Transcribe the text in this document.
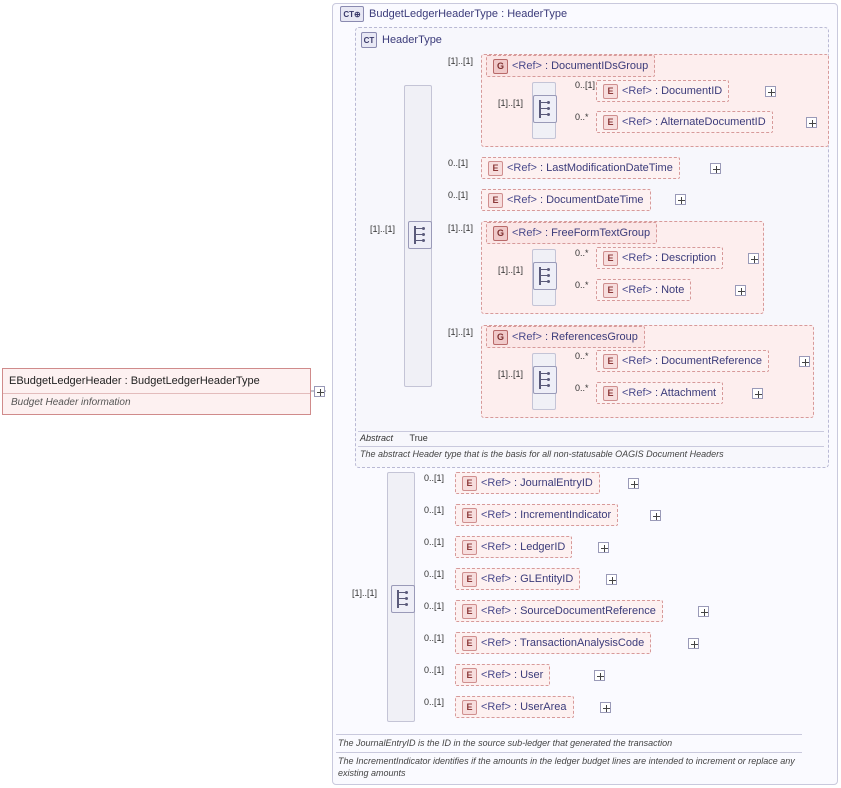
E BudgetLedgerHeader : BudgetLedgerHeaderType
Budget Header information
CT⊕ BudgetLedgerHeaderType : HeaderType
CT HeaderType
[1]..[1]
G <Ref> : DocumentIDsGroup
[1]..[1]
[1]..[1]
E <Ref> : DocumentID
0..[1]
E <Ref> : AlternateDocumentID
0..*
E <Ref> : LastModificationDateTime
0..[1]
E <Ref> : DocumentDateTime
0..[1]
G <Ref> : FreeFormTextGroup
[1]..[1]
[1]..[1]
E <Ref> : Description
0..*
E <Ref> : Note
0..*
G <Ref> : ReferencesGroup
[1]..[1]
[1]..[1]
E <Ref> : DocumentReference
0..*
E <Ref> : Attachment
0..*
Abstract True
The abstract Header type that is the basis for all non-statusable OAGIS Document Headers
[1]..[1]
E <Ref> : JournalEntryID
0..[1]
E <Ref> : IncrementIndicator
0..[1]
E <Ref> : LedgerID
0..[1]
E <Ref> : GLEntityID
0..[1]
E <Ref> : SourceDocumentReference
0..[1]
E <Ref> : TransactionAnalysisCode
0..[1]
E <Ref> : User
0..[1]
E <Ref> : UserArea
0..[1]
The JournalEntryID is the ID in the source sub-ledger that generated the transaction
The IncrementIndicator identifies if the amounts in the ledger budget lines are intended to increment or replace any existing amounts
